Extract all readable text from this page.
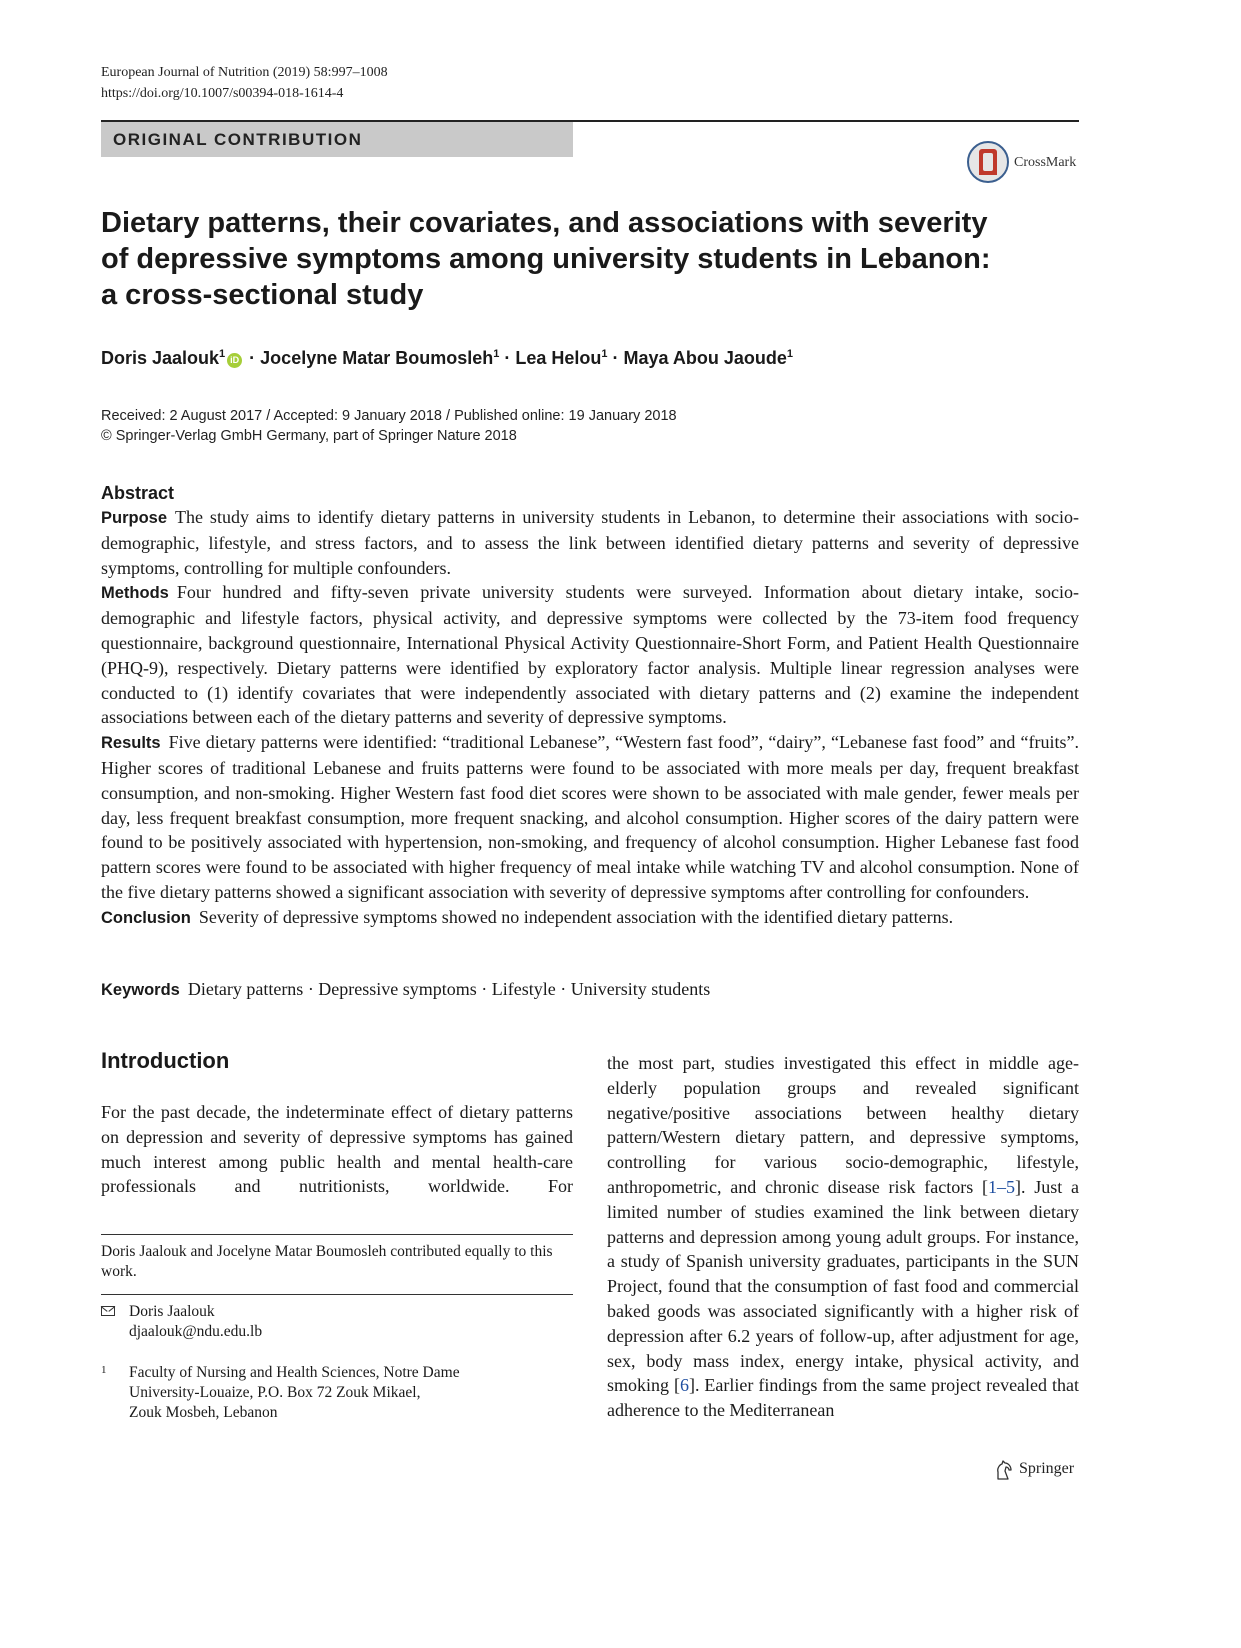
European Journal of Nutrition (2019) 58:997–1008
https://doi.org/10.1007/s00394-018-1614-4
ORIGINAL CONTRIBUTION
CrossMark
Dietary patterns, their covariates, and associations with severity
of depressive symptoms among university students in Lebanon:
a cross-sectional study
Doris Jaalouk$^1$ iD · Jocelyne Matar Boumosleh$^1$ · Lea Helou$^1$ · Maya Abou Jaoude$^1$
Received: 2 August 2017 / Accepted: 9 January 2018 / Published online: 19 January 2018
© Springer-Verlag GmbH Germany, part of Springer Nature 2018
Abstract

Purpose The study aims to identify dietary patterns in university students in Lebanon, to determine their associations with socio-demographic, lifestyle, and stress factors, and to assess the link between identified dietary patterns and severity of depressive symptoms, controlling for multiple confounders.

Methods Four hundred and fifty-seven private university students were surveyed. Information about dietary intake, socio-demographic and lifestyle factors, physical activity, and depressive symptoms were collected by the 73-item food frequency questionnaire, background questionnaire, International Physical Activity Questionnaire-Short Form, and Patient Health Questionnaire (PHQ-9), respectively. Dietary patterns were identified by exploratory factor analysis. Multiple linear regression analyses were conducted to (1) identify covariates that were independently associated with dietary patterns and (2) examine the independent associations between each of the dietary patterns and severity of depressive symptoms.

Results Five dietary patterns were identified: “traditional Lebanese”, “Western fast food”, “dairy”, “Lebanese fast food” and “fruits”. Higher scores of traditional Lebanese and fruits patterns were found to be associated with more meals per day, frequent breakfast consumption, and non-smoking. Higher Western fast food diet scores were shown to be associated with male gender, fewer meals per day, less frequent breakfast consumption, more frequent snacking, and alcohol consumption. Higher scores of the dairy pattern were found to be positively associated with hypertension, non-smoking, and frequency of alcohol consumption. Higher Lebanese fast food pattern scores were found to be associated with higher frequency of meal intake while watching TV and alcohol consumption. None of the five dietary patterns showed a significant association with severity of depressive symptoms after controlling for confounders.

Conclusion Severity of depressive symptoms showed no independent association with the identified dietary patterns.

Keywords Dietary patterns · Depressive symptoms · Lifestyle · University students
Introduction

For the past decade, the indeterminate effect of dietary patterns on depression and severity of depressive symptoms has gained much interest among public health and mental health-care professionals and nutritionists, worldwide. For

the most part, studies investigated this effect in middle age-elderly population groups and revealed significant negative/positive associations between healthy dietary pattern/Western dietary pattern, and depressive symptoms, controlling for various socio-demographic, lifestyle, anthropometric, and chronic disease risk factors [1–5]. Just a limited number of studies examined the link between dietary patterns and depression among young adult groups. For instance, a study of Spanish university graduates, participants in the SUN Project, found that the consumption of fast food and commercial baked goods was associated significantly with a higher risk of depression after 6.2 years of follow-up, after adjustment for age, sex, body mass index, energy intake, physical activity, and smoking [6]. Earlier findings from the same project revealed that adherence to the Mediterranean

Doris Jaalouk and Jocelyne Matar Boumosleh contributed equally to this work.
Doris Jaalouk
djaalouk@ndu.edu.lb
1 Faculty of Nursing and Health Sciences, Notre Dame
University-Louaize, P.O. Box 72 Zouk Mikael,
Zouk Mosbeh, Lebanon
Springer
